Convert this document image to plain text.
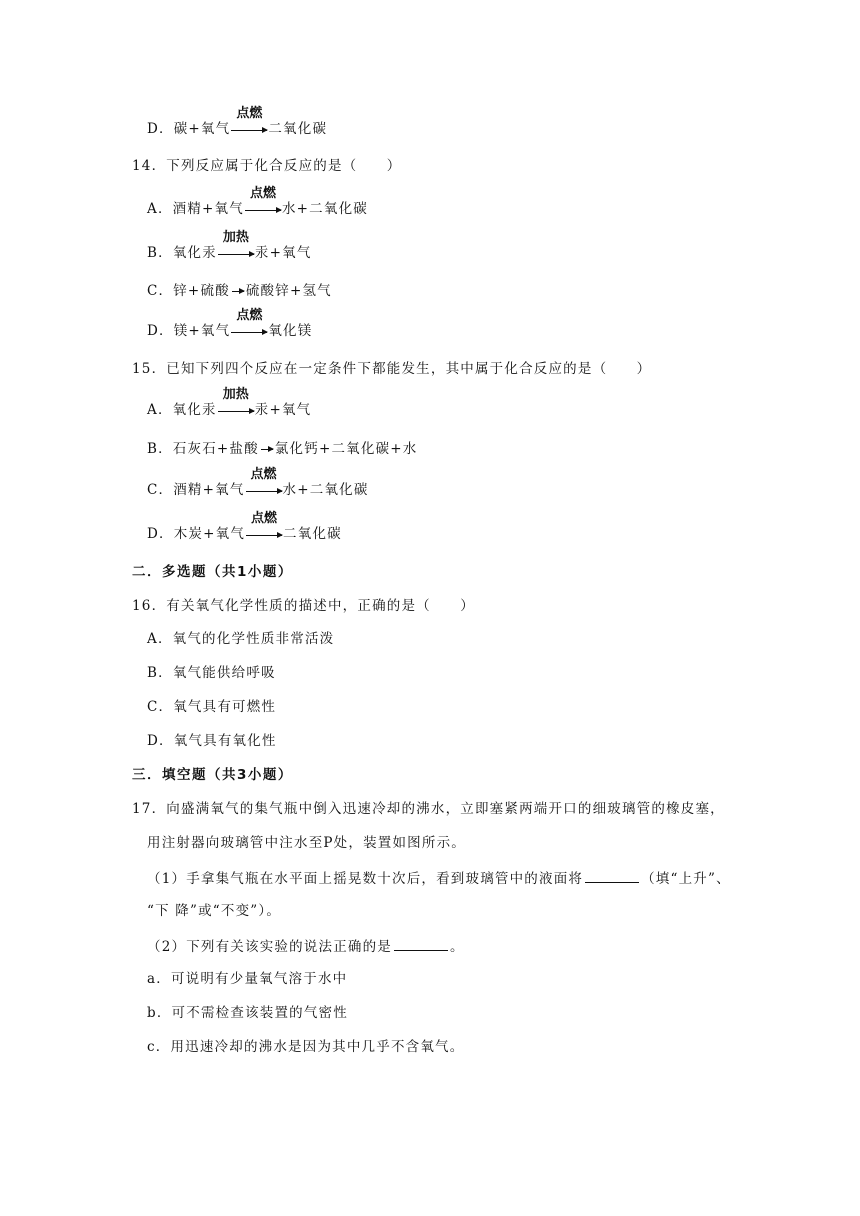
D．碳+氧气
点燃
二氧化碳
14．下列反应属于化合反应的是（　　）
A．酒精+氧气
点燃
水+二氧化碳
B．氧化汞
加热
汞+氧气
C．锌+硫酸 硫酸锌+氢气
D．镁+氧气
点燃
氧化镁
15．已知下列四个反应在一定条件下都能发生，其中属于化合反应的是（　　）
A．氧化汞
加热
汞+氧气
B．石灰石+盐酸 氯化钙+二氧化碳+水
C．酒精+氧气
点燃
水+二氧化碳
D．木炭+氧气
点燃
二氧化碳
二．多选题（共1小题）
16．有关氧气化学性质的描述中，正确的是（　　）
A．氧气的化学性质非常活泼
B．氧气能供给呼吸
C．氧气具有可燃性
D．氧气具有氧化性
三．填空题（共3小题）
17．向盛满氧气的集气瓶中倒入迅速冷却的沸水，立即塞紧两端开口的细玻璃管的橡皮塞，
用注射器向玻璃管中注水至P处，装置如图所示。
（1）手拿集气瓶在水平面上摇晃数十次后，看到玻璃管中的液面将	（填“上升”、
“下 降”或“不变”）。
（2）下列有关该实验的说法正确的是	。
a．可说明有少量氧气溶于水中
b．可不需检查该装置的气密性
c．用迅速冷却的沸水是因为其中几乎不含氧气。
